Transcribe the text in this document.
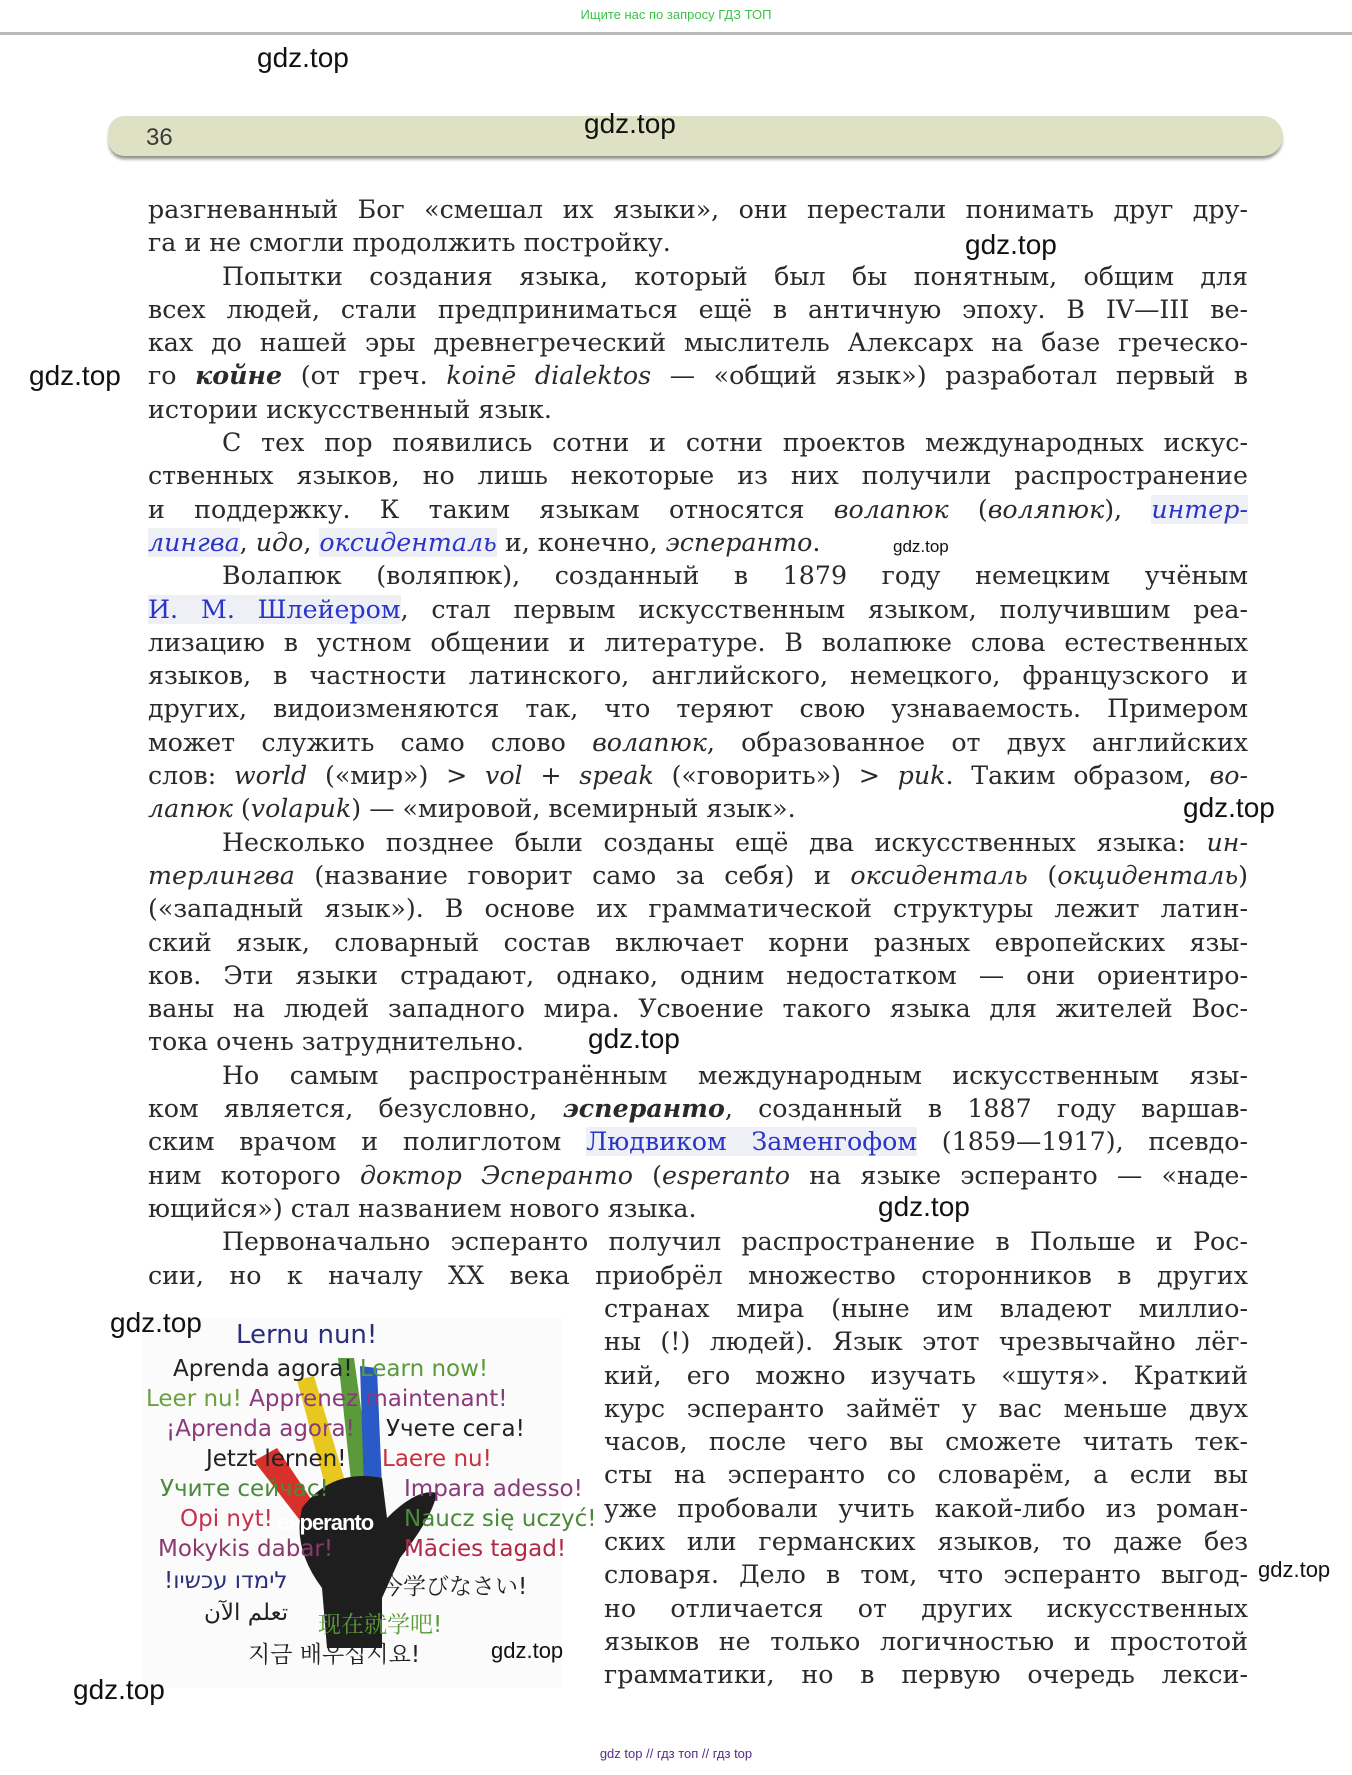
Ищите нас по запросу ГДЗ ТОП
36
gdz.top
gdz.top
gdz.top
gdz.top
gdz.top
gdz.top
gdz.top
gdz.top
gdz.top
gdz.top
gdz.top
gdz.top
разгневанный Бог «смешал их языки», они перестали понимать друг дру-
га и не смогли продолжить постройку.
Попытки создания языка, который был бы понятным, общим для
всех людей, стали предприниматься ещё в античную эпоху. В IV—III ве-
ках до нашей эры древнегреческий мыслитель Алексарх на базе греческо-
го койне (от греч. koinē dialektos — «общий язык») разработал первый в
истории искусственный язык.
С тех пор появились сотни и сотни проектов международных искус-
ственных языков, но лишь некоторые из них получили распространение
и поддержку. К таким языкам относятся волапюк (воляпюк), интер-
лингва, идо, оксиденталь и, конечно, эсперанто.
Волапюк (воляпюк), созданный в 1879 году немецким учёным
И. М. Шлейером, стал первым искусственным языком, получившим реа-
лизацию в устном общении и литературе. В волапюке слова естественных
языков, в частности латинского, английского, немецкого, французского и
других, видоизменяются так, что теряют свою узнаваемость. Примером
может служить само слово волапюк, образованное от двух английских
слов: world («мир») > vol + speak («говорить») > puk. Таким образом, во-
лапюк (volapuk) — «мировой, всемирный язык».
Несколько позднее были созданы ещё два искусственных языка: ин-
терлингва (название говорит само за себя) и оксиденталь (окциденталь)
(«западный язык»). В основе их грамматической структуры лежит латин-
ский язык, словарный состав включает корни разных европейских язы-
ков. Эти языки страдают, однако, одним недостатком — они ориентиро-
ваны на людей западного мира. Усвоение такого языка для жителей Вос-
тока очень затруднительно.
Но самым распространённым международным искусственным язы-
ком является, безусловно, эсперанто, созданный в 1887 году варшав-
ским врачом и полиглотом Людвиком Заменгофом (1859—1917), псевдо-
ним которого доктор Эсперанто (esperanto на языке эсперанто — «наде-
ющийся») стал названием нового языка.
Первоначально эсперанто получил распространение в Польше и Рос-
сии, но к началу XX века приобрёл множество сторонников в других
странах мира (ныне им владеют миллио-
ны (!) людей). Язык этот чрезвычайно лёг-
кий, его можно изучать «шутя». Краткий
курс эсперанто займёт у вас меньше двух
часов, после чего вы сможете читать тек-
сты на эсперанто со словарём, а если вы
уже пробовали учить какой-либо из роман-
ских или германских языков, то даже без
словаря. Дело в том, что эсперанто выгод-
но отличается от других искусственных
языков не только логичностью и простотой
грамматики, но в первую очередь лекси-
esperanto
Lernu nun!
Aprenda agora! Learn now!
Leer nu! Apprenez maintenant!
¡Aprenda agora! Учете сега!
Jetzt lernen! Laere nu!
Учите сейчас!	Impara adesso!
Opi nyt!	Naucz się uczyć!
Mokykis dabar!	Mācies tagad!
!לימדו עכשיו	今学びなさい!
تعلم الآن 现在就学吧!
지금 배우십시요!
gdz top // гдз топ // гдз top
